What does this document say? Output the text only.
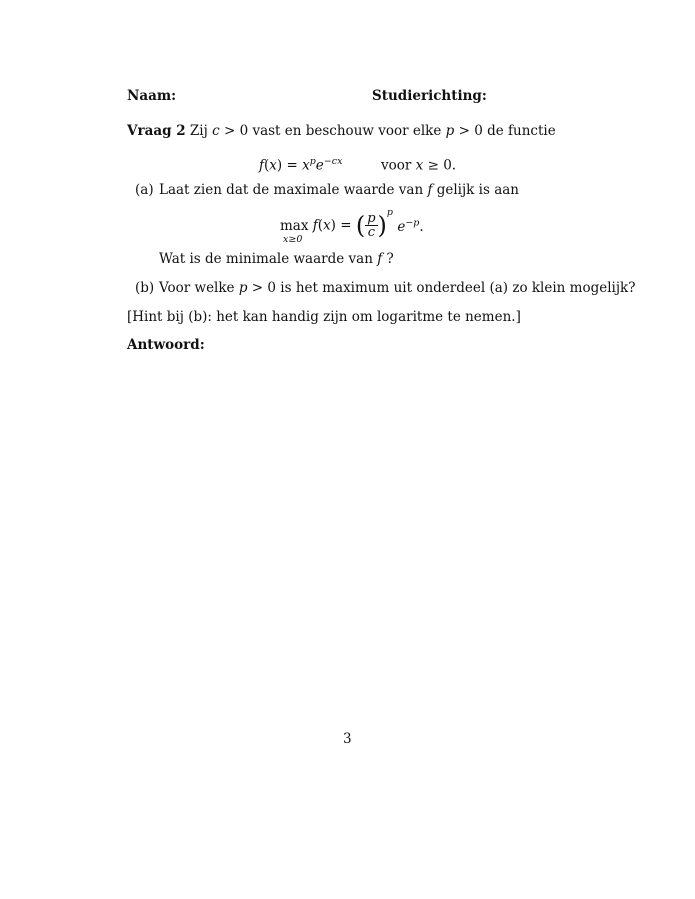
Naam:	Studierichting:
Vraag 2 Zij c > 0 vast en beschouw voor elke p > 0 de functie
$f(x) = x^pe^{-cx}$	voor x ≥ 0.
(a) Laat zien dat de maximale waarde van f gelijk is aan
max
x≥0
f(x) = ( $\frac{p}{c} )^p$ $e^{-p}$.
Wat is de minimale waarde van f ?
(b) Voor welke p > 0 is het maximum uit onderdeel (a) zo klein mogelijk?
[Hint bij (b): het kan handig zijn om logaritme te nemen.]
Antwoord:
3
